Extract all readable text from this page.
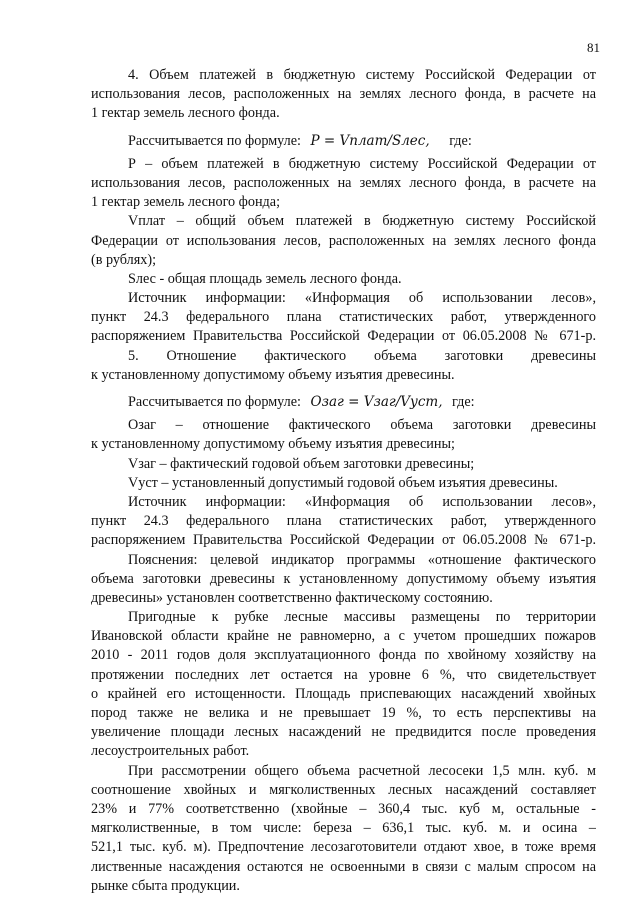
81
4. Объем платежей в бюджетную систему Российской Федерации от
использования лесов, расположенных на землях лесного фонда, в расчете на
1 гектар земель лесного фонда.
Рассчитывается по формуле: P = Vплат/Sлес, где:
Р – объем платежей в бюджетную систему Российской Федерации от
использования лесов, расположенных на землях лесного фонда, в расчете на
1 гектар земель лесного фонда;
Vплат – общий объем платежей в бюджетную систему Российской
Федерации от использования лесов, расположенных на землях лесного фонда
(в рублях);
Sлес - общая площадь земель лесного фонда.
Источник информации: «Информация об использовании лесов»,
пункт 24.3 федерального плана статистических работ, утвержденного
распоряжением Правительства Российской Федерации от 06.05.2008 № 671-р.
5. Отношение фактического объема заготовки древесины
к установленному допустимому объему изъятия древесины.
Рассчитывается по формуле: Озаг = Vзаг/Vуст, где:
Озаг – отношение фактического объема заготовки древесины
к установленному допустимому объему изъятия древесины;
Vзаг – фактический годовой объем заготовки древесины;
Vуст – установленный допустимый годовой объем изъятия древесины.
Источник информации: «Информация об использовании лесов»,
пункт 24.3 федерального плана статистических работ, утвержденного
распоряжением Правительства Российской Федерации от 06.05.2008 № 671-р.
Пояснения: целевой индикатор программы «отношение фактического
объема заготовки древесины к установленному допустимому объему изъятия
древесины» установлен соответственно фактическому состоянию.
Пригодные к рубке лесные массивы размещены по территории
Ивановской области крайне не равномерно, а с учетом прошедших пожаров
2010 - 2011 годов доля эксплуатационного фонда по хвойному хозяйству на
протяжении последних лет остается на уровне 6 %, что свидетельствует
о крайней его истощенности. Площадь приспевающих насаждений хвойных
пород также не велика и не превышает 19 %, то есть перспективы на
увеличение площади лесных насаждений не предвидится после проведения
лесоустроительных работ.
При рассмотрении общего объема расчетной лесосеки 1,5 млн. куб. м
соотношение хвойных и мягколиственных лесных насаждений составляет
23% и 77% соответственно (хвойные – 360,4 тыс. куб м, остальные -
мягколиственные, в том числе: береза – 636,1 тыс. куб. м. и осина –
521,1 тыс. куб. м). Предпочтение лесозаготовители отдают хвое, в тоже время
лиственные насаждения остаются не освоенными в связи с малым спросом на
рынке сбыта продукции.
